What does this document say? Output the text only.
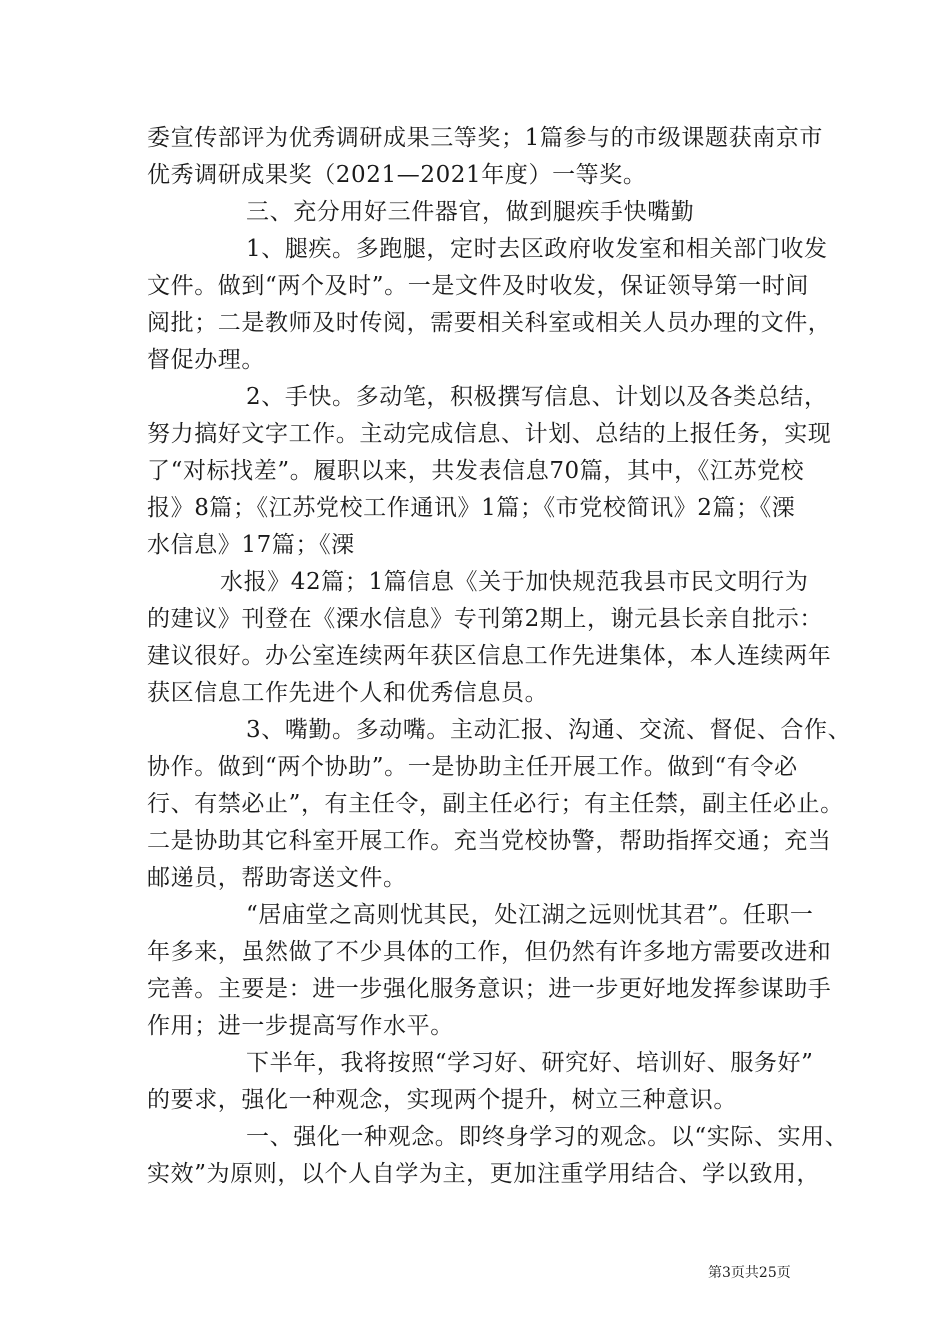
委宣传部评为优秀调研成果三等奖；1篇参与的市级课题获南京市
优秀调研成果奖（2021—2021年度）一等奖。
三、充分用好三件器官，做到腿疾手快嘴勤
1、腿疾。多跑腿，定时去区政府收发室和相关部门收发
文件。做到“两个及时”。一是文件及时收发，保证领导第一时间
阅批；二是教师及时传阅，需要相关科室或相关人员办理的文件，
督促办理。
2、手快。多动笔，积极撰写信息、计划以及各类总结，
努力搞好文字工作。主动完成信息、计划、总结的上报任务，实现
了“对标找差”。履职以来，共发表信息70篇，其中，《江苏党校
报》8篇；《江苏党校工作通讯》1篇；《市党校简讯》2篇；《溧
水信息》17篇；《溧
水报》42篇；1篇信息《关于加快规范我县市民文明行为
的建议》刊登在《溧水信息》专刊第2期上，谢元县长亲自批示：
建议很好。办公室连续两年获区信息工作先进集体，本人连续两年
获区信息工作先进个人和优秀信息员。
3、嘴勤。多动嘴。主动汇报、沟通、交流、督促、合作、
协作。做到“两个协助”。一是协助主任开展工作。做到“有令必
行、有禁必止”，有主任令，副主任必行；有主任禁，副主任必止。
二是协助其它科室开展工作。充当党校协警，帮助指挥交通；充当
邮递员，帮助寄送文件。
“居庙堂之高则忧其民，处江湖之远则忧其君”。任职一
年多来，虽然做了不少具体的工作，但仍然有许多地方需要改进和
完善。主要是：进一步强化服务意识；进一步更好地发挥参谋助手
作用；进一步提高写作水平。
下半年，我将按照“学习好、研究好、培训好、服务好”
的要求，强化一种观念，实现两个提升，树立三种意识。
一、强化一种观念。即终身学习的观念。以“实际、实用、
实效”为原则，以个人自学为主，更加注重学用结合、学以致用，
第3页共25页
